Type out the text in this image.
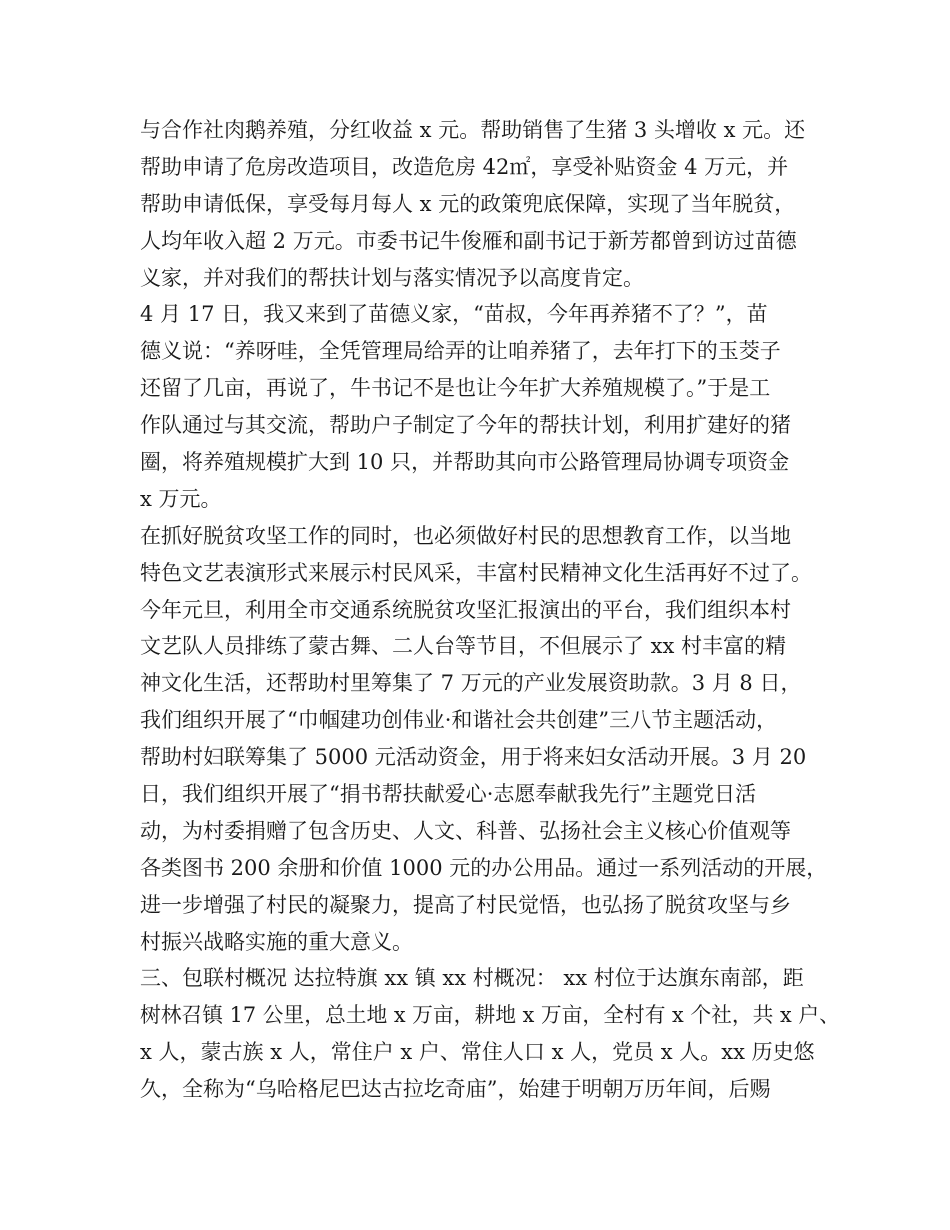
与合作社肉鹅养殖，分红收益 x 元。帮助销售了生猪 3 头增收 x 元。还
帮助申请了危房改造项目，改造危房 42㎡，享受补贴资金 4 万元，并
帮助申请低保，享受每月每人 x 元的政策兜底保障，实现了当年脱贫，
人均年收入超 2 万元。市委书记牛俊雁和副书记于新芳都曾到访过苗德
义家，并对我们的帮扶计划与落实情况予以高度肯定。
4 月 17 日，我又来到了苗德义家，“苗叔，今年再养猪不了？”，苗
德义说：“养呀哇，全凭管理局给弄的让咱养猪了，去年打下的玉茭子
还留了几亩，再说了，牛书记不是也让今年扩大养殖规模了。”于是工
作队通过与其交流，帮助户子制定了今年的帮扶计划，利用扩建好的猪
圈，将养殖规模扩大到 10 只，并帮助其向市公路管理局协调专项资金
x 万元。
在抓好脱贫攻坚工作的同时，也必须做好村民的思想教育工作，以当地
特色文艺表演形式来展示村民风采，丰富村民精神文化生活再好不过了。
今年元旦，利用全市交通系统脱贫攻坚汇报演出的平台，我们组织本村
文艺队人员排练了蒙古舞、二人台等节目，不但展示了 xx 村丰富的精
神文化生活，还帮助村里筹集了 7 万元的产业发展资助款。3 月 8 日，
我们组织开展了“巾帼建功创伟业·和谐社会共创建”三八节主题活动，
帮助村妇联筹集了 5000 元活动资金，用于将来妇女活动开展。3 月 20
日，我们组织开展了“捐书帮扶献爱心·志愿奉献我先行”主题党日活
动，为村委捐赠了包含历史、人文、科普、弘扬社会主义核心价值观等
各类图书 200 余册和价值 1000 元的办公用品。通过一系列活动的开展，
进一步增强了村民的凝聚力，提高了村民觉悟，也弘扬了脱贫攻坚与乡
村振兴战略实施的重大意义。
三、包联村概况 达拉特旗 xx 镇 xx 村概况： xx 村位于达旗东南部，距
树林召镇 17 公里，总土地 x 万亩，耕地 x 万亩，全村有 x 个社，共 x 户、
x 人，蒙古族 x 人，常住户 x 户、常住人口 x 人，党员 x 人。xx 历史悠
久，全称为“乌哈格尼巴达古拉圪奇庙”，始建于明朝万历年间，后赐
